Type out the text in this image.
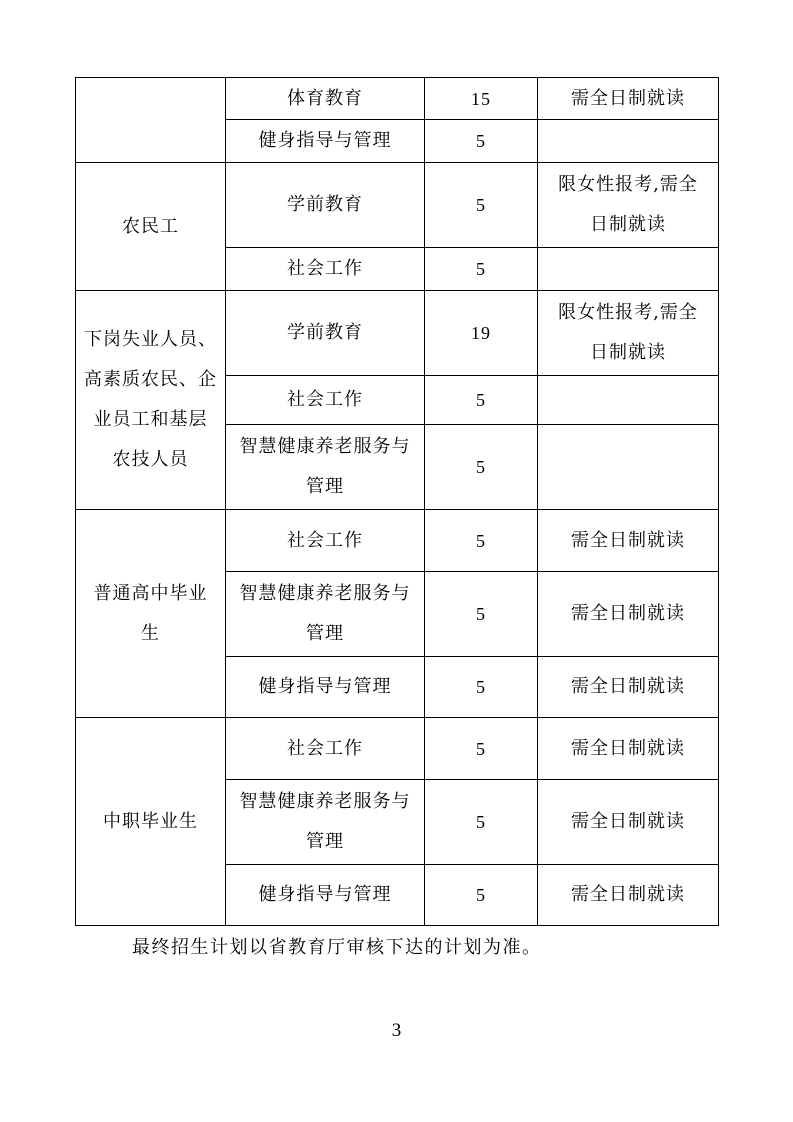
	体育教育	15	需全日制就读
	健身指导与管理	5	
农民工	学前教育	5	限女性报考,需全
日制就读

	社会工作	5	

下岗失业人员、
高素质农民、企
业员工和基层
农技人员	学前教育	19	限女性报考,需全
日制就读

	社会工作	5	

	智慧健康养老服务与
管理	5	

普通高中毕业
生	社会工作	5	需全日制就读

	智慧健康养老服务与
管理	5	需全日制就读
	健身指导与管理	5	需全日制就读
中职毕业生	社会工作	5	需全日制就读

	智慧健康养老服务与
管理	5	需全日制就读
	健身指导与管理	5	需全日制就读
最终招生计划以省教育厅审核下达的计划为准。
3
